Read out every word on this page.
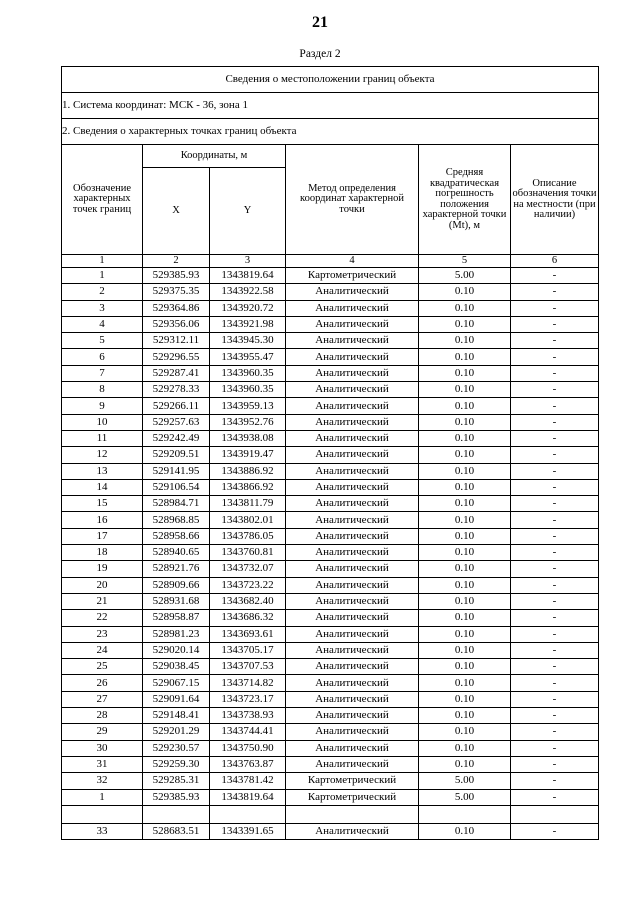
21
Раздел 2
Сведения о местоположении границ объекта					
1. Система координат: МСК - 36, зона 1					
2. Сведения о характерных точках границ объекта					
Обозначение характерных точек границ	Координаты, м		Метод определения координат характерной точки	Средняя квадратическая погрешность положения характерной точки (Mt), м	Описание обозначения точки на местности (при наличии)
	X	Y			
1	2	3	4	5	6
1	529385.93	1343819.64	Картометрический	5.00	-
2	529375.35	1343922.58	Аналитический	0.10	-
3	529364.86	1343920.72	Аналитический	0.10	-
4	529356.06	1343921.98	Аналитический	0.10	-
5	529312.11	1343945.30	Аналитический	0.10	-
6	529296.55	1343955.47	Аналитический	0.10	-
7	529287.41	1343960.35	Аналитический	0.10	-
8	529278.33	1343960.35	Аналитический	0.10	-
9	529266.11	1343959.13	Аналитический	0.10	-
10	529257.63	1343952.76	Аналитический	0.10	-
11	529242.49	1343938.08	Аналитический	0.10	-
12	529209.51	1343919.47	Аналитический	0.10	-
13	529141.95	1343886.92	Аналитический	0.10	-
14	529106.54	1343866.92	Аналитический	0.10	-
15	528984.71	1343811.79	Аналитический	0.10	-
16	528968.85	1343802.01	Аналитический	0.10	-
17	528958.66	1343786.05	Аналитический	0.10	-
18	528940.65	1343760.81	Аналитический	0.10	-
19	528921.76	1343732.07	Аналитический	0.10	-
20	528909.66	1343723.22	Аналитический	0.10	-
21	528931.68	1343682.40	Аналитический	0.10	-
22	528958.87	1343686.32	Аналитический	0.10	-
23	528981.23	1343693.61	Аналитический	0.10	-
24	529020.14	1343705.17	Аналитический	0.10	-
25	529038.45	1343707.53	Аналитический	0.10	-
26	529067.15	1343714.82	Аналитический	0.10	-
27	529091.64	1343723.17	Аналитический	0.10	-
28	529148.41	1343738.93	Аналитический	0.10	-
29	529201.29	1343744.41	Аналитический	0.10	-
30	529230.57	1343750.90	Аналитический	0.10	-
31	529259.30	1343763.87	Аналитический	0.10	-
32	529285.31	1343781.42	Картометрический	5.00	-
1	529385.93	1343819.64	Картометрический	5.00	-

33	528683.51	1343391.65	Аналитический	0.10	-
